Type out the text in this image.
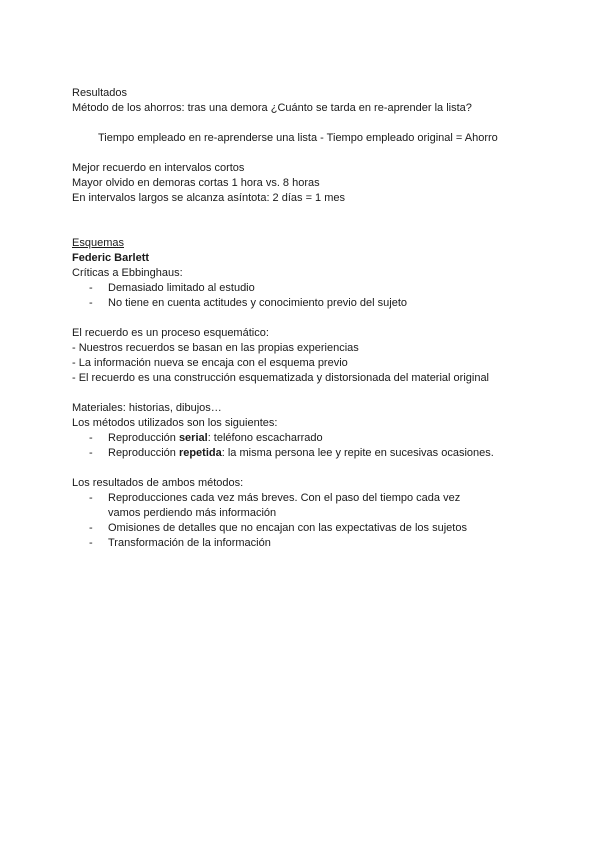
Resultados
Método de los ahorros: tras una demora ¿Cuánto se tarda en re-aprender la lista?
Tiempo empleado en re-aprenderse una lista - Tiempo empleado original = Ahorro
Mejor recuerdo en intervalos cortos
Mayor olvido en demoras cortas 1 hora vs. 8 horas
En intervalos largos se alcanza asíntota: 2 días = 1 mes
Esquemas
Federic Barlett
Críticas a Ebbinghaus:
- Demasiado limitado al estudio
- No tiene en cuenta actitudes y conocimiento previo del sujeto
El recuerdo es un proceso esquemático:
- Nuestros recuerdos se basan en las propias experiencias
- La información nueva se encaja con el esquema previo
- El recuerdo es una construcción esquematizada y distorsionada del material original
Materiales: historias, dibujos…
Los métodos utilizados son los siguientes:
- Reproducción serial: teléfono escacharrado
- Reproducción repetida: la misma persona lee y repite en sucesivas ocasiones.
Los resultados de ambos métodos:
- Reproducciones cada vez más breves. Con el paso del tiempo cada vez vamos perdiendo más información
- Omisiones de detalles que no encajan con las expectativas de los sujetos
- Transformación de la información
